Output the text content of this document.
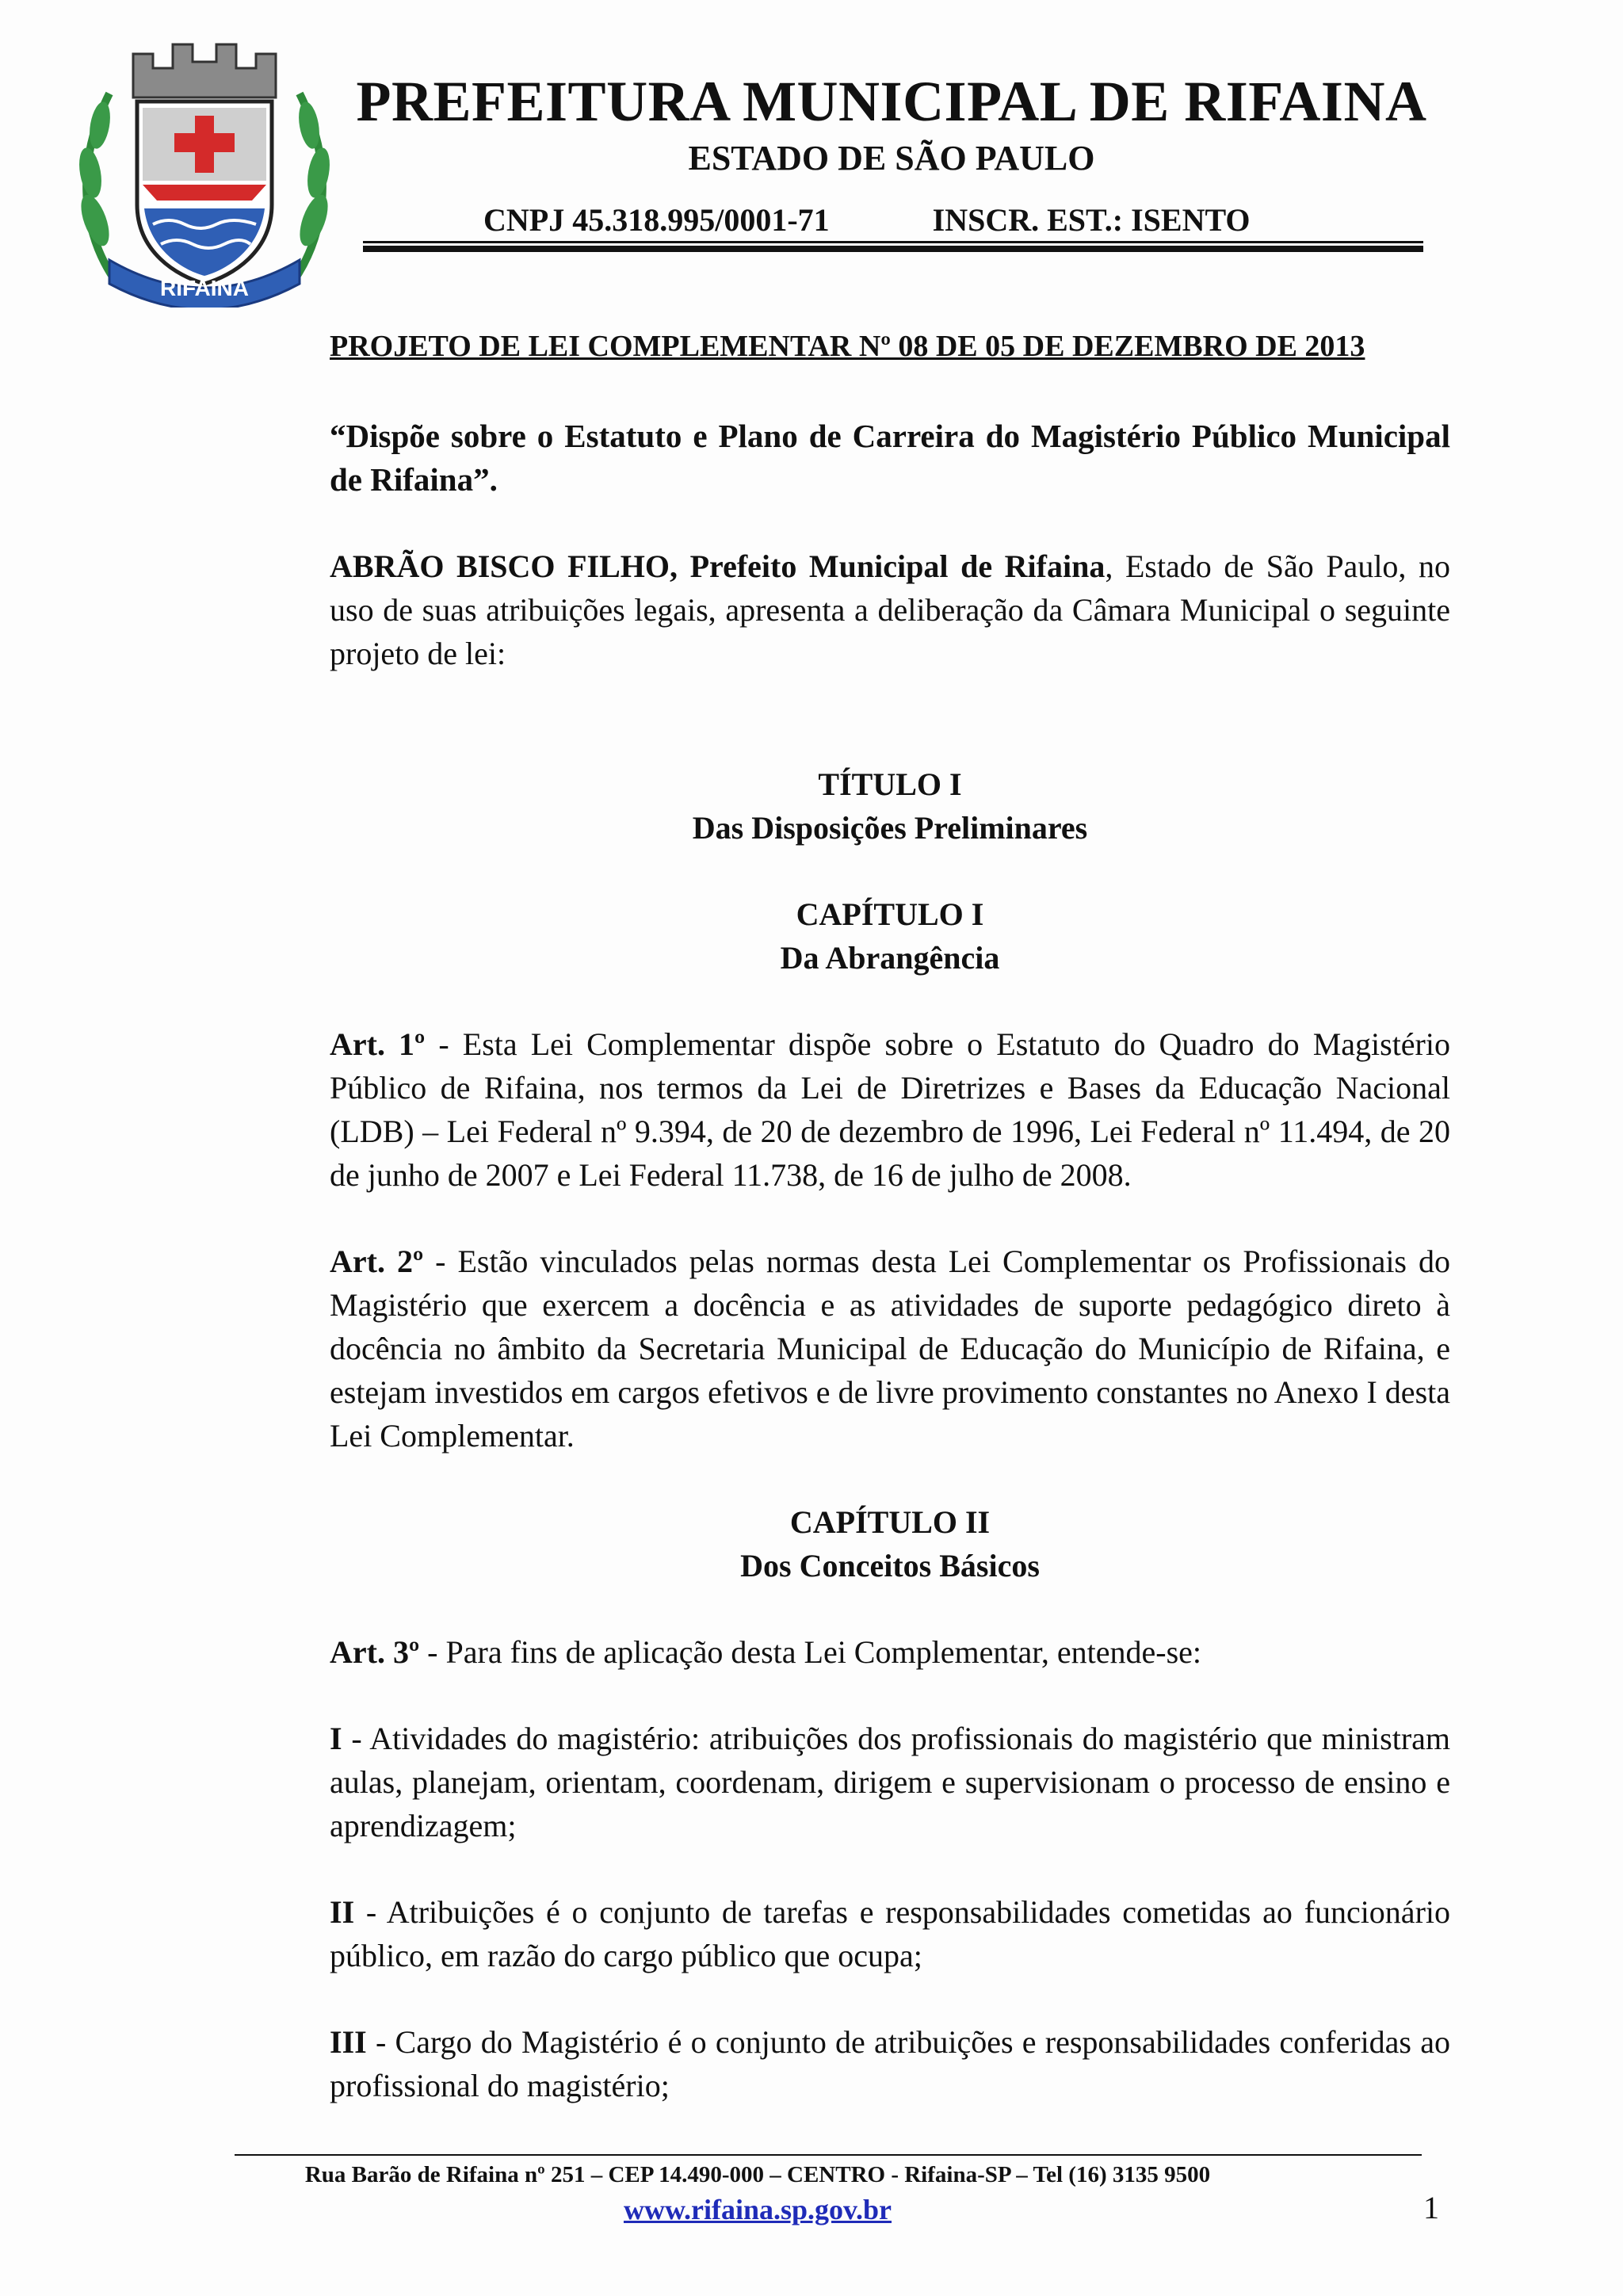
RIFAINA
PREFEITURA MUNICIPAL DE RIFAINA
ESTADO DE SÃO PAULO
CNPJ 45.318.995/0001-71	INSCR. EST.: ISENTO

PROJETO DE LEI COMPLEMENTAR Nº 08 DE 05 DE DEZEMBRO DE 2013

“Dispõe sobre o Estatuto e Plano de Carreira do Magistério Público Municipal de Rifaina”.

ABRÃO BISCO FILHO, Prefeito Municipal de Rifaina, Estado de São Paulo, no uso de suas atribuições legais, apresenta a deliberação da Câmara Municipal o seguinte projeto de lei:

TÍTULO I

Das Disposições Preliminares

CAPÍTULO I

Da Abrangência

Art. 1º - Esta Lei Complementar dispõe sobre o Estatuto do Quadro do Magistério Público de Rifaina, nos termos da Lei de Diretrizes e Bases da Educação Nacional (LDB) – Lei Federal nº 9.394, de 20 de dezembro de 1996, Lei Federal nº 11.494, de 20 de junho de 2007 e Lei Federal 11.738, de 16 de julho de 2008.

Art. 2º - Estão vinculados pelas normas desta Lei Complementar os Profissionais do Magistério que exercem a docência e as atividades de suporte pedagógico direto à docência no âmbito da Secretaria Municipal de Educação do Município de Rifaina, e estejam investidos em cargos efetivos e de livre provimento constantes no Anexo I desta Lei Complementar.

CAPÍTULO II

Dos Conceitos Básicos

Art. 3º - Para fins de aplicação desta Lei Complementar, entende-se:

I - Atividades do magistério: atribuições dos profissionais do magistério que ministram aulas, planejam, orientam, coordenam, dirigem e supervisionam o processo de ensino e aprendizagem;

II - Atribuições é o conjunto de tarefas e responsabilidades cometidas ao funcionário público, em razão do cargo público que ocupa;

III - Cargo do Magistério é o conjunto de atribuições e responsabilidades conferidas ao profissional do magistério;

Rua Barão de Rifaina nº 251 – CEP 14.490-000 – CENTRO - Rifaina-SP – Tel (16) 3135 9500
www.rifaina.sp.gov.br	1
